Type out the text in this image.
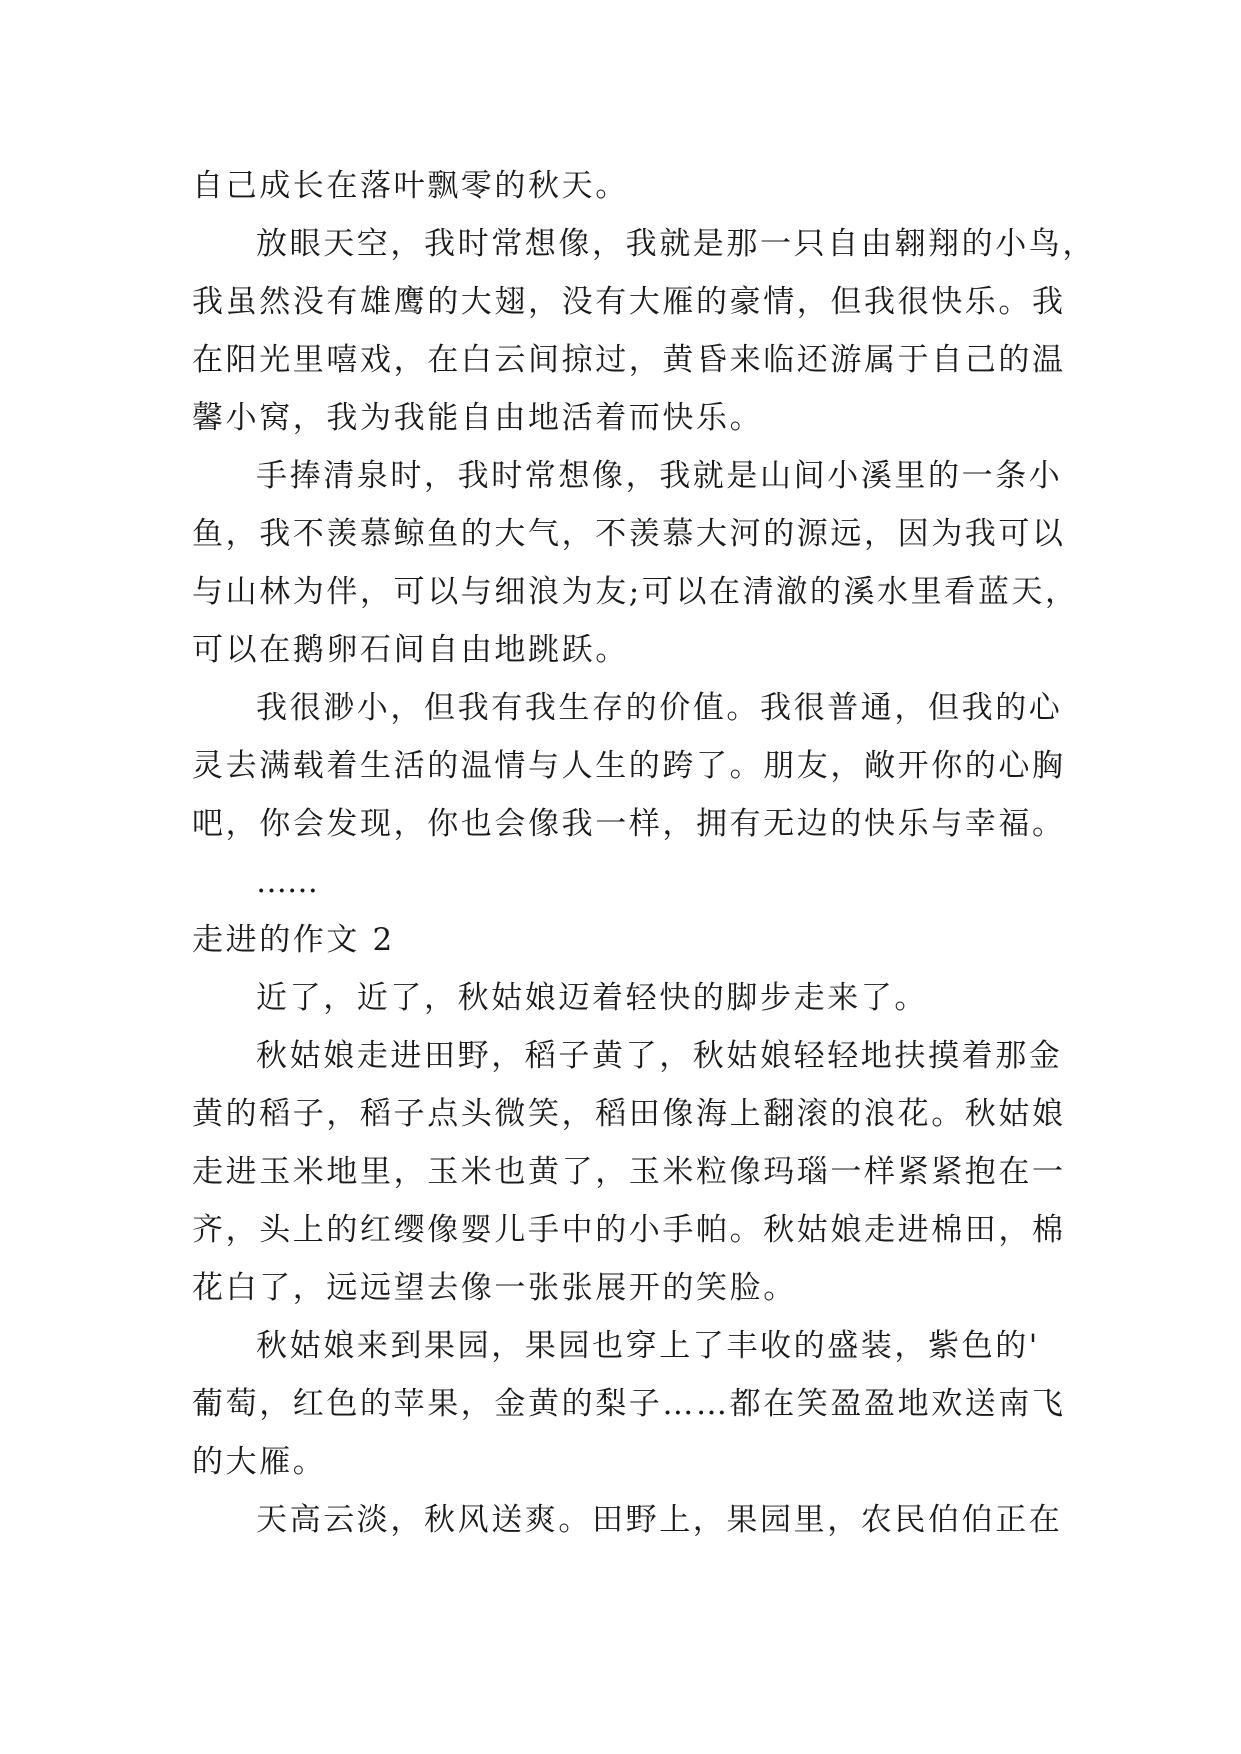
自己成长在落叶飘零的秋天。
放眼天空，我时常想像，我就是那一只自由翱翔的小鸟，
我虽然没有雄鹰的大翅，没有大雁的豪情，但我很快乐。我
在阳光里嘻戏，在白云间掠过，黄昏来临还游属于自己的温
馨小窝，我为我能自由地活着而快乐。
手捧清泉时，我时常想像，我就是山间小溪里的一条小
鱼，我不羡慕鲸鱼的大气，不羡慕大河的源远，因为我可以
与山林为伴，可以与细浪为友;可以在清澈的溪水里看蓝天，
可以在鹅卵石间自由地跳跃。
我很渺小，但我有我生存的价值。我很普通，但我的心
灵去满载着生活的温情与人生的跨了。朋友，敞开你的心胸
吧，你会发现，你也会像我一样，拥有无边的快乐与幸福。
……
走进的作文 2
近了，近了，秋姑娘迈着轻快的脚步走来了。
秋姑娘走进田野，稻子黄了，秋姑娘轻轻地扶摸着那金
黄的稻子，稻子点头微笑，稻田像海上翻滚的浪花。秋姑娘
走进玉米地里，玉米也黄了，玉米粒像玛瑙一样紧紧抱在一
齐，头上的红缨像婴儿手中的小手帕。秋姑娘走进棉田，棉
花白了，远远望去像一张张展开的笑脸。
秋姑娘来到果园，果园也穿上了丰收的盛装，紫色的'
葡萄，红色的苹果，金黄的梨子……都在笑盈盈地欢送南飞
的大雁。
天高云淡，秋风送爽。田野上，果园里，农民伯伯正在
